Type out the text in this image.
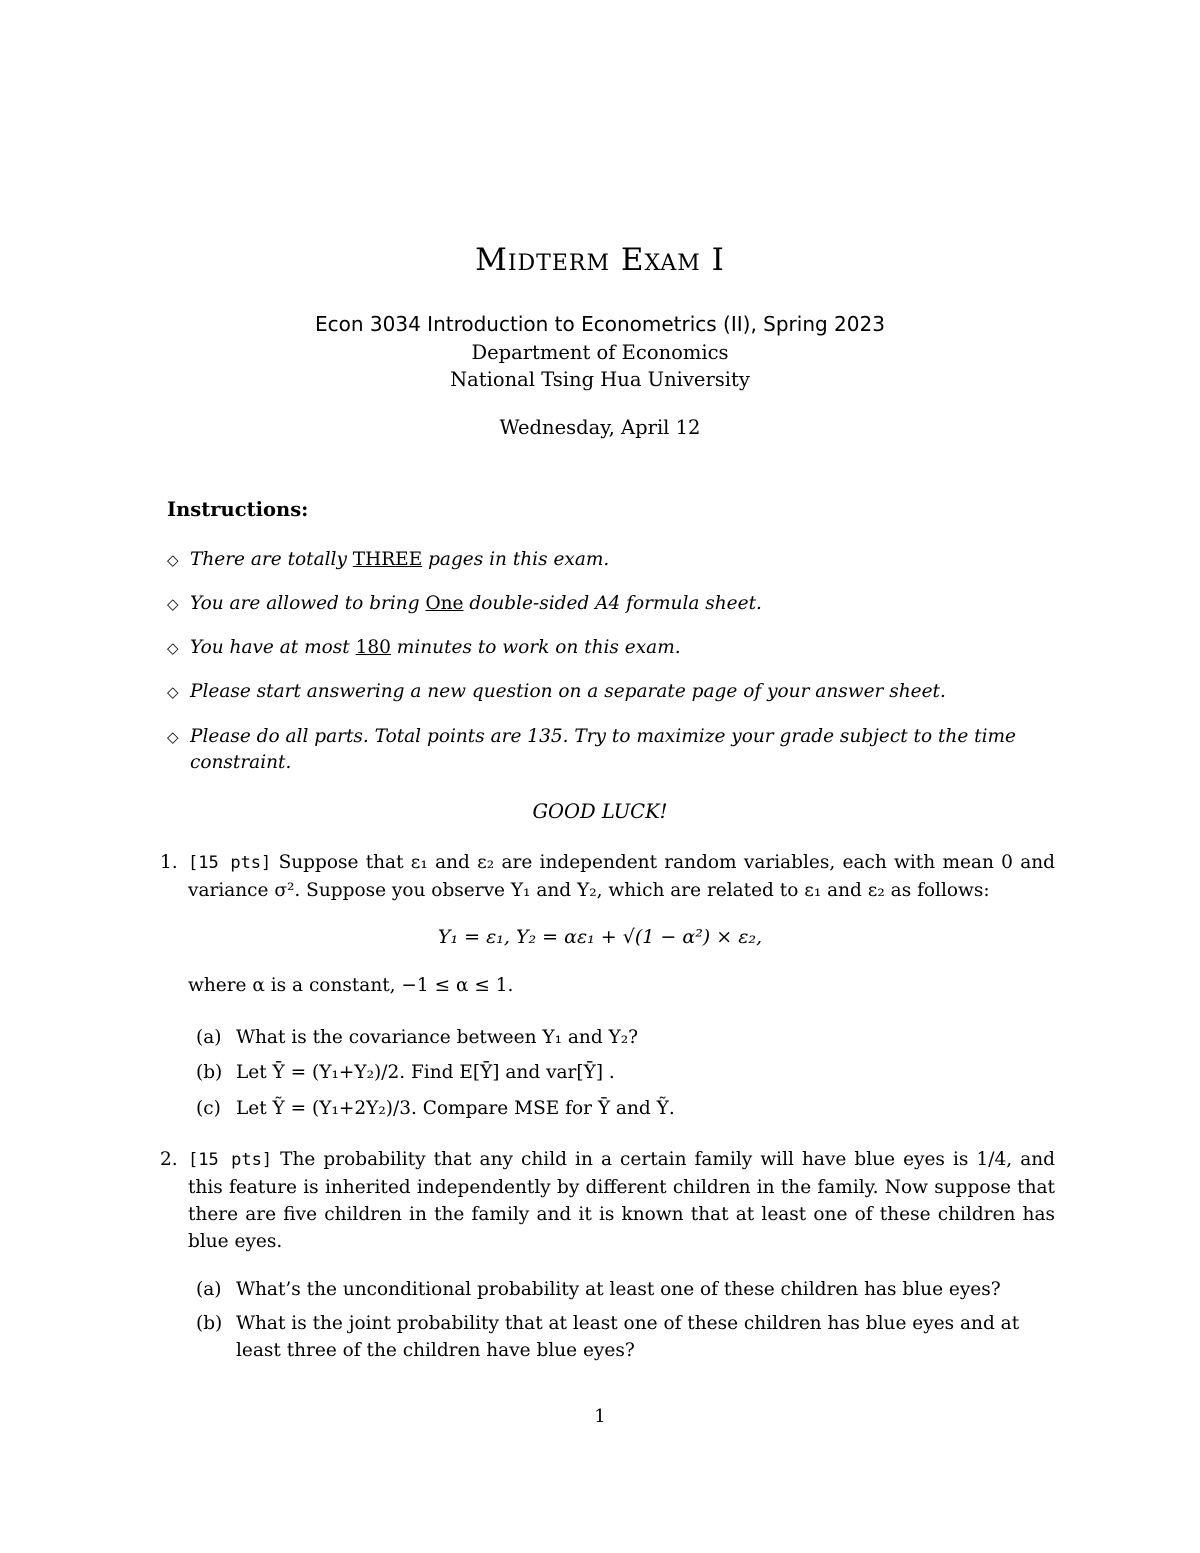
Midterm Exam I
Econ 3034 Introduction to Econometrics (II), Spring 2023
Department of Economics
National Tsing Hua University
Wednesday, April 12
Instructions:
◇ There are totally THREE pages in this exam.
◇ You are allowed to bring One double-sided A4 formula sheet.
◇ You have at most 180 minutes to work on this exam.
◇ Please start answering a new question on a separate page of your answer sheet.
◇ Please do all parts. Total points are 135. Try to maximize your grade subject to the time constraint.
GOOD LUCK!
1. [15 pts] Suppose that ε₁ and ε₂ are independent random variables, each with mean 0 and variance σ². Suppose you observe Y₁ and Y₂, which are related to ε₁ and ε₂ as follows:
Y₁ = ε₁, Y₂ = αε₁ + √(1 − α²) × ε₂,
where α is a constant, −1 ≤ α ≤ 1.
(a) What is the covariance between Y₁ and Y₂?
(b) Let Ȳ = (Y₁+Y₂)/2. Find E[Ȳ] and var[Ȳ] .
(c) Let Ỹ = (Y₁+2Y₂)/3. Compare MSE for Ȳ and Ỹ.
2. [15 pts] The probability that any child in a certain family will have blue eyes is 1/4, and this feature is inherited independently by different children in the family. Now suppose that there are five children in the family and it is known that at least one of these children has blue eyes.
(a) What’s the unconditional probability at least one of these children has blue eyes?
(b) What is the joint probability that at least one of these children has blue eyes and at least three of the children have blue eyes?
1
